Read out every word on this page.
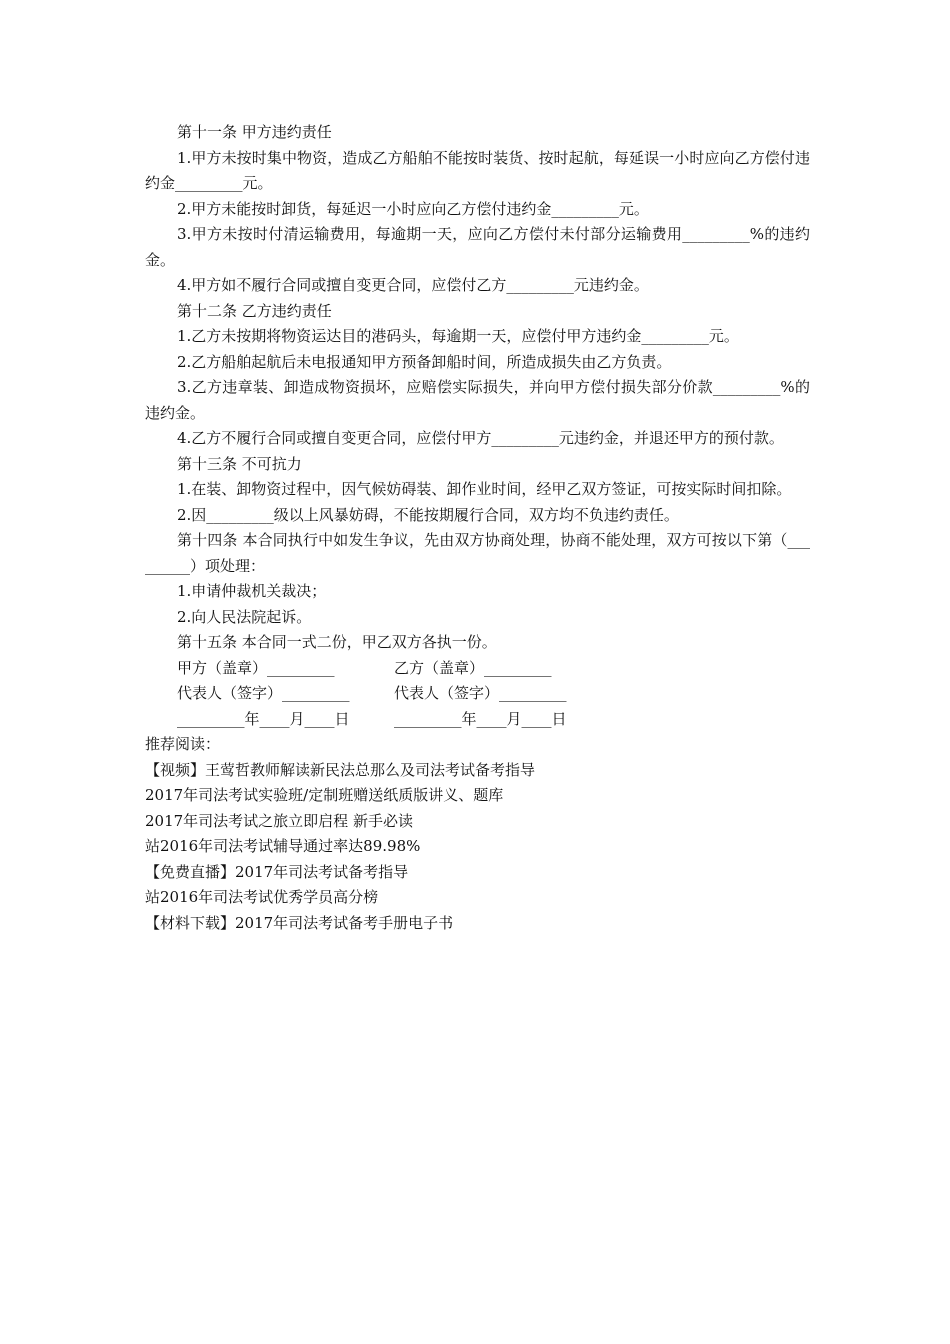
第十一条 甲方违约责任

1.甲方未按时集中物资，造成乙方船舶不能按时装货、按时起航，每延误一小时应向乙方偿付违约金_________元。

2.甲方未能按时卸货，每延迟一小时应向乙方偿付违约金_________元。

3.甲方未按时付清运输费用，每逾期一天，应向乙方偿付未付部分运输费用_________%的违约金。

4.甲方如不履行合同或擅自变更合同，应偿付乙方_________元违约金。

第十二条 乙方违约责任

1.乙方未按期将物资运达目的港码头，每逾期一天，应偿付甲方违约金_________元。

2.乙方船舶起航后未电报通知甲方预备卸船时间，所造成损失由乙方负责。

3.乙方违章装、卸造成物资损坏，应赔偿实际损失，并向甲方偿付损失部分价款_________%的违约金。

4.乙方不履行合同或擅自变更合同，应偿付甲方_________元违约金，并退还甲方的预付款。

第十三条 不可抗力

1.在装、卸物资过程中，因气候妨碍装、卸作业时间，经甲乙双方签证，可按实际时间扣除。

2.因_________级以上风暴妨碍，不能按期履行合同，双方均不负违约责任。

第十四条 本合同执行中如发生争议，先由双方协商处理，协商不能处理，双方可按以下第（_________）项处理：

1.申请仲裁机关裁决；

2.向人民法院起诉。

第十五条 本合同一式二份，甲乙双方各执一份。

甲方（盖章）_________	乙方（盖章）_________
代表人（签字）_________	代表人（签字）_________
_________年____月____日	_________年____月____日

推荐阅读：

【视频】王莺哲教师解读新民法总那么及司法考试备考指导

2017年司法考试实验班/定制班赠送纸质版讲义、题库

2017年司法考试之旅立即启程 新手必读

站2016年司法考试辅导通过率达89.98%

【免费直播】2017年司法考试备考指导

站2016年司法考试优秀学员高分榜

【材料下载】2017年司法考试备考手册电子书
